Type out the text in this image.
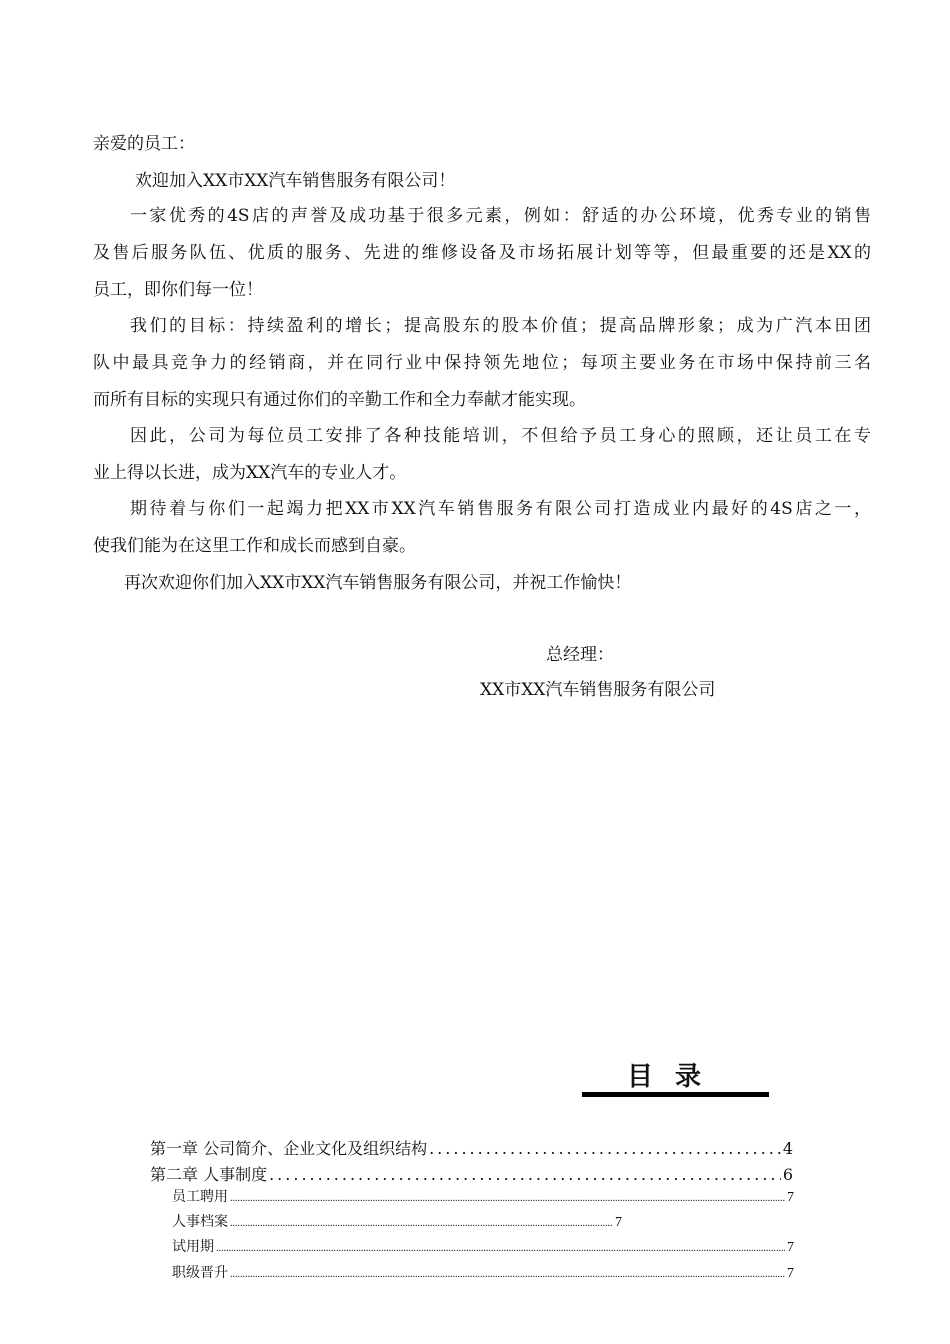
亲爱的员工：
欢迎加入XX市XX汽车销售服务有限公司！
一家优秀的4S店的声誉及成功基于很多元素，例如：舒适的办公环境，优秀专业的销售
及售后服务队伍、优质的服务、先进的维修设备及市场拓展计划等等，但最重要的还是XX的
员工，即你们每一位！
我们的目标：持续盈利的增长；提高股东的股本价值；提高品牌形象；成为广汽本田团
队中最具竞争力的经销商，并在同行业中保持领先地位；每项主要业务在市场中保持前三名
而所有目标的实现只有通过你们的辛勤工作和全力奉献才能实现。
因此，公司为每位员工安排了各种技能培训，不但给予员工身心的照顾，还让员工在专
业上得以长进，成为XX汽车的专业人才。
期待着与你们一起竭力把XX市XX汽车销售服务有限公司打造成业内最好的4S店之一，
使我们能为在这里工作和成长而感到自豪。
再次欢迎你们加入XX市XX汽车销售服务有限公司，并祝工作愉快！
总经理：
XX市XX汽车销售服务有限公司
目录
第一章 公司简介、企业文化及组织结构 .....	4
第二章 人事制度 .....	6
员工聘用 .....	7
人事档案 .....	7
试用期 .....	7
职级晋升 .....	7
